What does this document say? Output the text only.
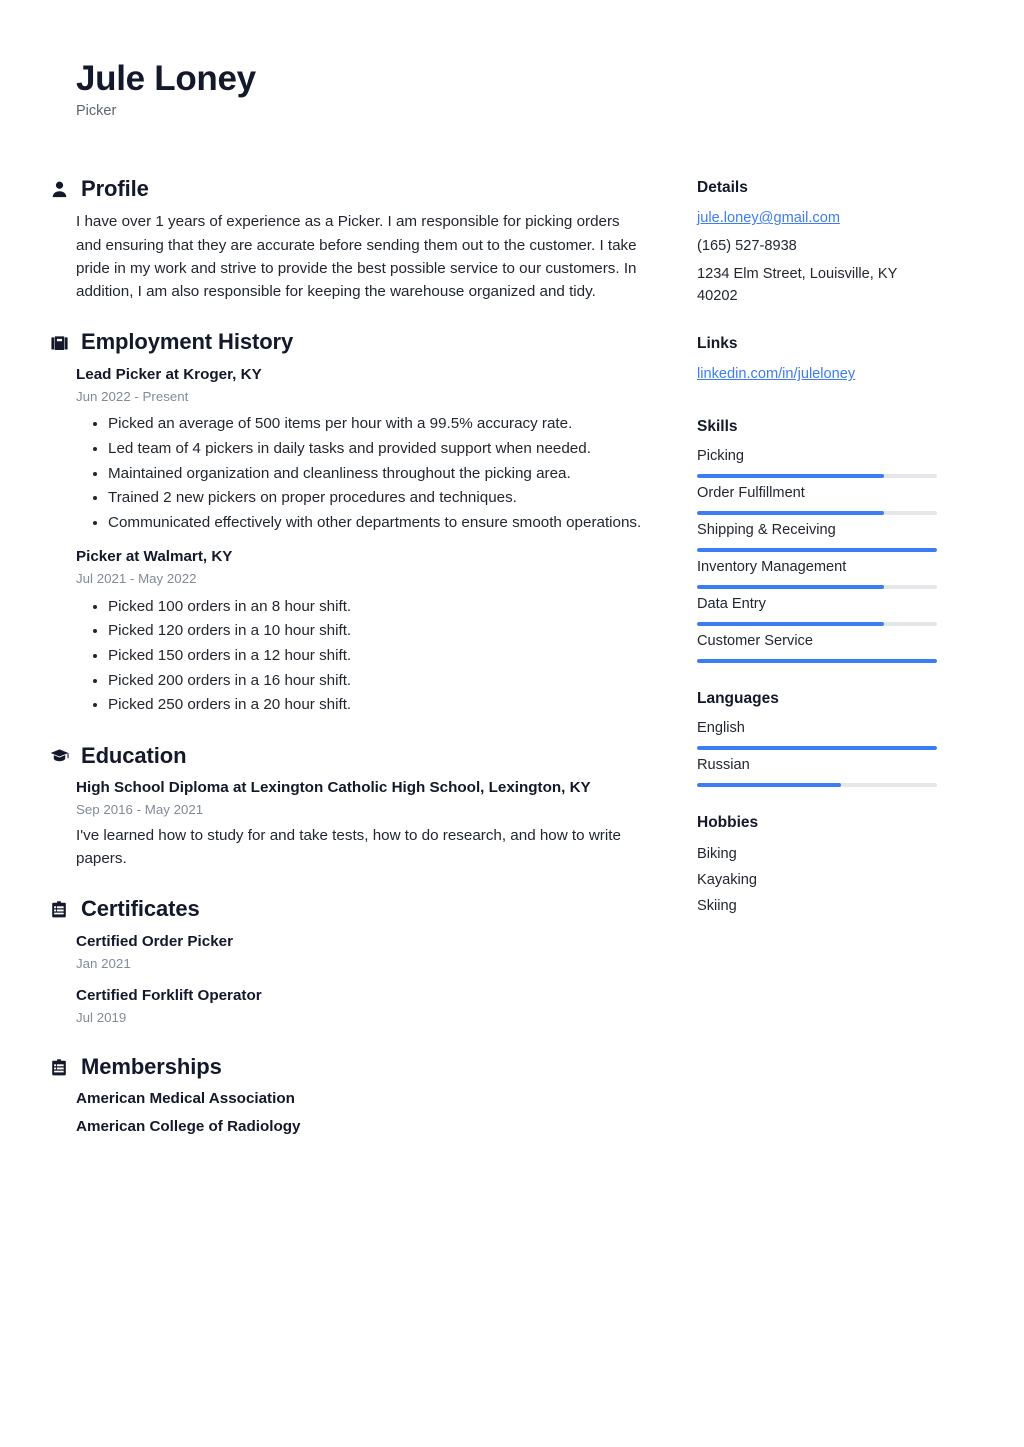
Jule Loney
Picker
Profile
I have over 1 years of experience as a Picker. I am responsible for picking orders and ensuring that they are accurate before sending them out to the customer. I take pride in my work and strive to provide the best possible service to our customers. In addition, I am also responsible for keeping the warehouse organized and tidy.
Employment History
Lead Picker at Kroger, KY
Jun 2022 - Present
Picked an average of 500 items per hour with a 99.5% accuracy rate.
Led team of 4 pickers in daily tasks and provided support when needed.
Maintained organization and cleanliness throughout the picking area.
Trained 2 new pickers on proper procedures and techniques.
Communicated effectively with other departments to ensure smooth operations.
Picker at Walmart, KY
Jul 2021 - May 2022
Picked 100 orders in an 8 hour shift.
Picked 120 orders in a 10 hour shift.
Picked 150 orders in a 12 hour shift.
Picked 200 orders in a 16 hour shift.
Picked 250 orders in a 20 hour shift.
Education
High School Diploma at Lexington Catholic High School, Lexington, KY
Sep 2016 - May 2021
I've learned how to study for and take tests, how to do research, and how to write papers.
Certificates
Certified Order Picker
Jan 2021
Certified Forklift Operator
Jul 2019
Memberships
American Medical Association
American College of Radiology
Details
jule.loney@gmail.com
(165) 527-8938
1234 Elm Street, Louisville, KY 40202
Links
linkedin.com/in/juleloney
Skills
Picking
Order Fulfillment
Shipping & Receiving
Inventory Management
Data Entry
Customer Service
Languages
English
Russian
Hobbies
Biking
Kayaking
Skiing
